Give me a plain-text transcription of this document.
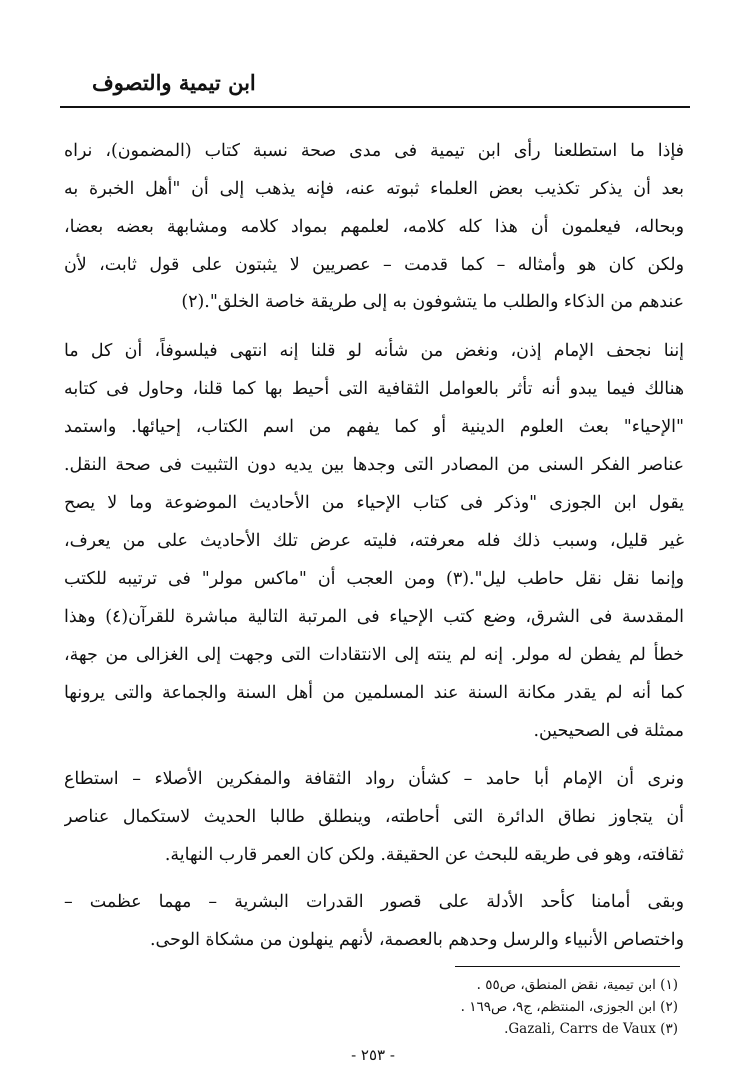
ابن تيمية والتصوف
فإذا ما استطلعنا رأى ابن تيمية فى مدى صحة نسبة كتاب (المضمون)، نراه
بعد أن يذكر تكذيب بعض العلماء ثبوته عنه، فإنه يذهب إلى أن "أهل الخبرة به
وبحاله، فيعلمون أن هذا كله كلامه، لعلمهم بمواد كلامه ومشابهة بعضه بعضا،
ولكن كان هو وأمثاله – كما قدمت – عصريين لا يثبتون على قول ثابت، لأن
عندهم من الذكاء والطلب ما يتشوفون به إلى طريقة خاصة الخلق".(٢)
إننا نجحف الإمام إذن، ونغض من شأنه لو قلنا إنه انتهى فيلسوفاً، أن كل ما
هنالك فيما يبدو أنه تأثر بالعوامل الثقافية التى أحيط بها كما قلنا، وحاول فى كتابه
"الإحياء" بعث العلوم الدينية أو كما يفهم من اسم الكتاب، إحيائها. واستمد
عناصر الفكر السنى من المصادر التى وجدها بين يديه دون التثبيت فى صحة النقل.
يقول ابن الجوزى "وذكر فى كتاب الإحياء من الأحاديث الموضوعة وما لا يصح
غير قليل، وسبب ذلك فله معرفته، فليته عرض تلك الأحاديث على من يعرف،
وإنما نقل نقل حاطب ليل".(٣) ومن العجب أن "ماكس مولر" فى ترتيبه للكتب
المقدسة فى الشرق، وضع كتب الإحياء فى المرتبة التالية مباشرة للقرآن(٤) وهذا
خطأ لم يفطن له مولر. إنه لم ينته إلى الانتقادات التى وجهت إلى الغزالى من جهة،
كما أنه لم يقدر مكانة السنة عند المسلمين من أهل السنة والجماعة والتى يرونها
ممثلة فى الصحيحين.
ونرى أن الإمام أبا حامد – كشأن رواد الثقافة والمفكرين الأصلاء – استطاع
أن يتجاوز نطاق الدائرة التى أحاطته، وينطلق طالبا الحديث لاستكمال عناصر
ثقافته، وهو فى طريقه للبحث عن الحقيقة. ولكن كان العمر قارب النهاية.
وبقى أمامنا كأحد الأدلة على قصور القدرات البشرية – مهما عظمت –
واختصاص الأنبياء والرسل وحدهم بالعصمة، لأنهم ينهلون من مشكاة الوحى.
(١) ابن تيمية، نقض المنطق، ص٥٥ .
(٢) ابن الجوزى، المنتظم، ج٩، ص١٦٩ .
(٣) Gazali, Carrs de Vaux.
- ٢٥٣ -
